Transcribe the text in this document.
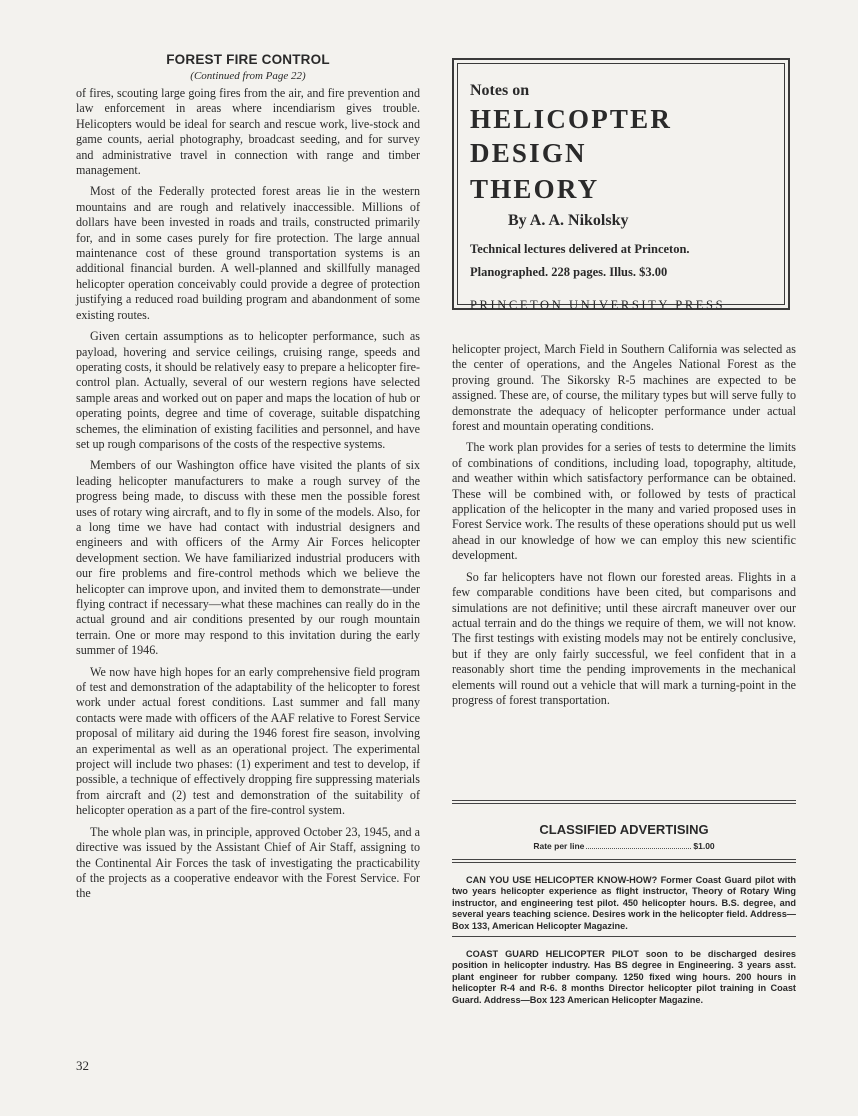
FOREST FIRE CONTROL
(Continued from Page 22)

of fires, scouting large going fires from the air, and fire prevention and law enforcement in areas where incendiarism gives trouble. Helicopters would be ideal for search and rescue work, live-stock and game counts, aerial photography, broadcast seeding, and for survey and administrative travel in connection with range and timber management.

Most of the Federally protected forest areas lie in the western mountains and are rough and relatively inaccessible. Millions of dollars have been invested in roads and trails, constructed primarily for, and in some cases purely for fire protection. The large annual maintenance cost of these ground transportation systems is an additional financial burden. A well-planned and skillfully managed helicopter operation conceivably could provide a degree of protection justifying a reduced road building program and abandonment of some existing routes.

Given certain assumptions as to helicopter performance, such as payload, hovering and service ceilings, cruising range, speeds and operating costs, it should be relatively easy to prepare a helicopter fire-control plan. Actually, several of our western regions have selected sample areas and worked out on paper and maps the location of hub or operating points, degree and time of coverage, suitable dispatching schemes, the elimination of existing facilities and personnel, and have set up rough comparisons of the costs of the respective systems.

Members of our Washington office have visited the plants of six leading helicopter manufacturers to make a rough survey of the progress being made, to discuss with these men the possible forest uses of rotary wing aircraft, and to fly in some of the models. Also, for a long time we have had contact with industrial designers and engineers and with officers of the Army Air Forces helicopter development section. We have familiarized industrial producers with our fire problems and fire-control methods which we believe the helicopter can improve upon, and invited them to demonstrate—under flying contract if necessary—what these machines can really do in the actual ground and air conditions presented by our rough mountain terrain. One or more may respond to this invitation during the early summer of 1946.

We now have high hopes for an early comprehensive field program of test and demonstration of the adaptability of the helicopter to forest work under actual forest conditions. Last summer and fall many contacts were made with officers of the AAF relative to Forest Service proposal of military aid during the 1946 forest fire season, involving an experimental as well as an operational project. The experimental project will include two phases: (1) experiment and test to develop, if possible, a technique of effectively dropping fire suppressing materials from aircraft and (2) test and demonstration of the suitability of helicopter operation as a part of the fire-control system.

The whole plan was, in principle, approved October 23, 1945, and a directive was issued by the Assistant Chief of Air Staff, assigning to the Continental Air Forces the task of investigating the practicability of the projects as a cooperative endeavor with the Forest Service. For the

Notes on
HELICOPTER DESIGN
THEORY
By A. A. Nikolsky
Technical lectures delivered at Princeton.
Planographed. 228 pages. Illus. $3.00
PRINCETON UNIVERSITY PRESS

helicopter project, March Field in Southern California was selected as the center of operations, and the Angeles National Forest as the proving ground. The Sikorsky R-5 machines are expected to be assigned. These are, of course, the military types but will serve fully to demonstrate the adequacy of helicopter performance under actual forest and mountain operating conditions.

The work plan provides for a series of tests to determine the limits of combinations of conditions, including load, topography, altitude, and weather within which satisfactory performance can be obtained. These will be combined with, or followed by tests of practical application of the helicopter in the many and varied proposed uses in Forest Service work. The results of these operations should put us well ahead in our knowledge of how we can employ this new scientific development.

So far helicopters have not flown our forested areas. Flights in a few comparable conditions have been cited, but comparisons and simulations are not definitive; until these aircraft maneuver over our actual terrain and do the things we require of them, we will not know. The first testings with existing models may not be entirely conclusive, but if they are only fairly successful, we feel confident that in a reasonably short time the pending improvements in the mechanical elements will round out a vehicle that will mark a turning-point in the progress of forest transportation.

CLASSIFIED ADVERTISING
Rate per line	$1.00

CAN YOU USE HELICOPTER KNOW-HOW? Former Coast Guard pilot with two years helicopter experience as flight instructor, Theory of Rotary Wing instructor, and engineering test pilot. 450 helicopter hours. B.S. degree, and several years teaching science. Desires work in the helicopter field. Address—Box 133, American Helicopter Magazine.

COAST GUARD HELICOPTER PILOT soon to be discharged desires position in helicopter industry. Has BS degree in Engineering. 3 years asst. plant engineer for rubber company. 1250 fixed wing hours. 200 hours in helicopter R-4 and R-6. 8 months Director helicopter pilot training in Coast Guard. Address—Box 123 American Helicopter Magazine.

32
